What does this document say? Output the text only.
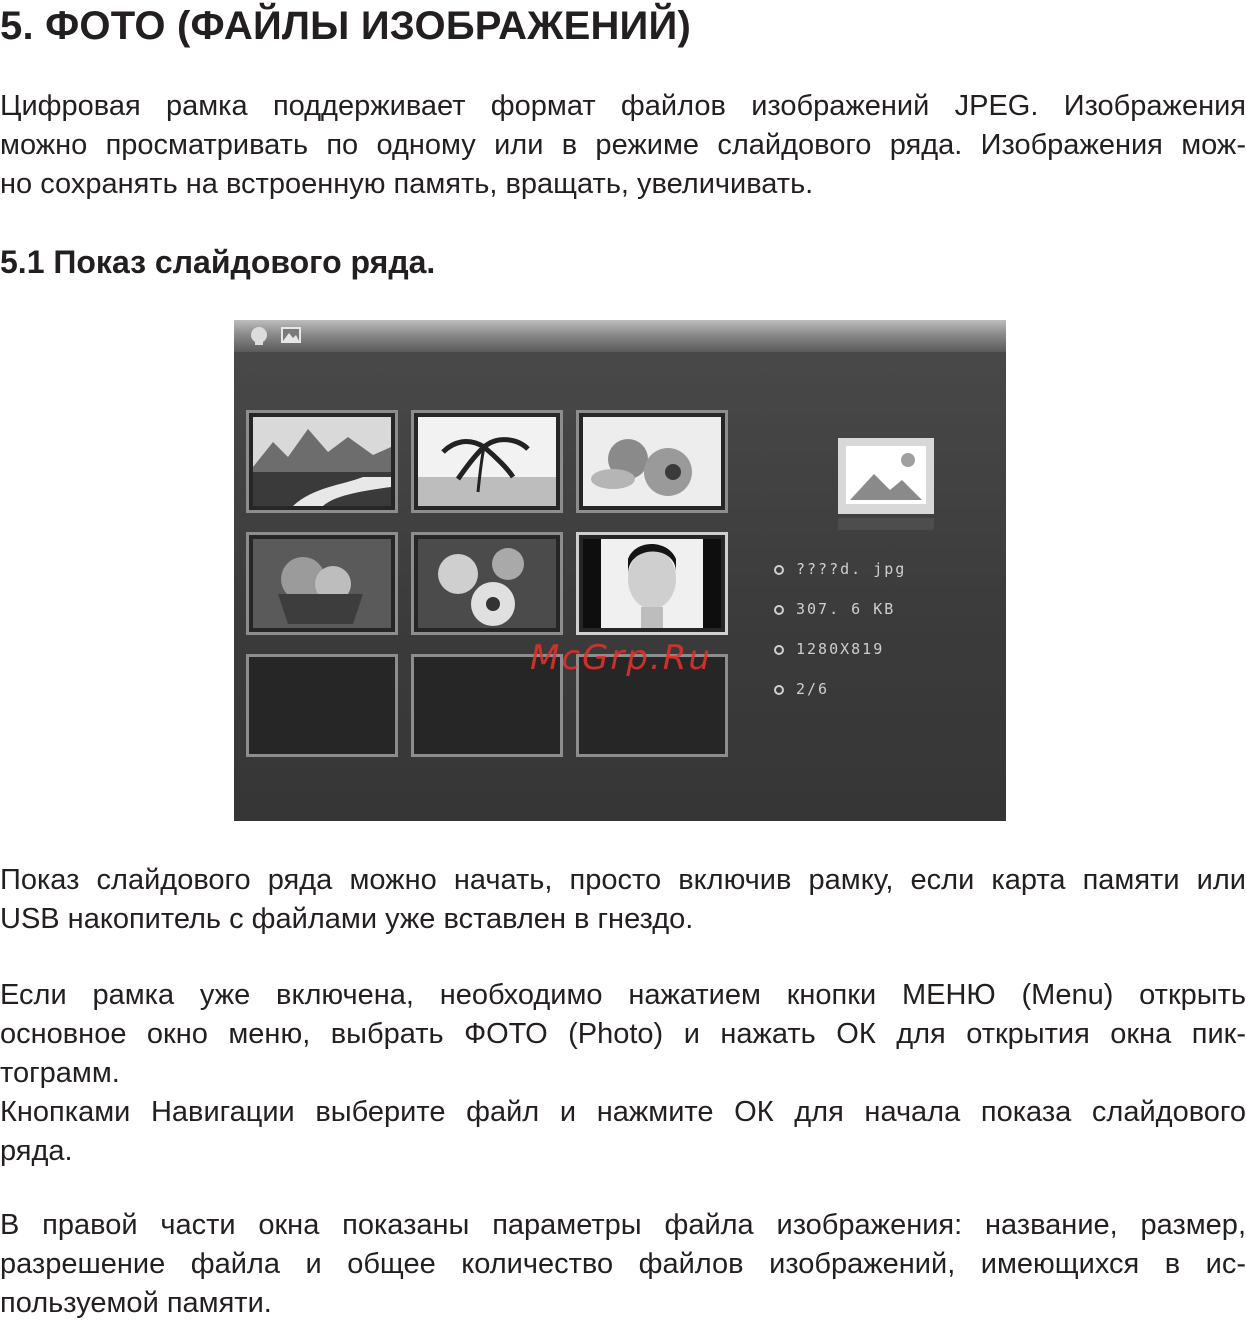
5. ФОТО (ФАЙЛЫ ИЗОБРАЖЕНИЙ)

Цифровая рамка поддерживает формат файлов изображений JPEG. Изображения
можно просматривать по одному или в режиме слайдового ряда. Изображения мож-
но сохранять на встроенную память, вращать, увеличивать.

5.1 Показ слайдового ряда.
????d. jpg
307. 6 KB
1280X819
2/6

McGrp.Ru

Показ слайдового ряда можно начать, просто включив рамку, если карта памяти или
USB накопитель с файлами уже вставлен в гнездо.

Если рамка уже включена, необходимо нажатием кнопки МЕНЮ (Menu) открыть
основное окно меню, выбрать ФОТО (Photo) и нажать ОК для открытия окна пик-
тограмм.
Кнопками Навигации выберите файл и нажмите ОК для начала показа слайдового
ряда.

В правой части окна показаны параметры файла изображения: название, размер,
разрешение файла и общее количество файлов изображений, имеющихся в ис-
пользуемой памяти.
